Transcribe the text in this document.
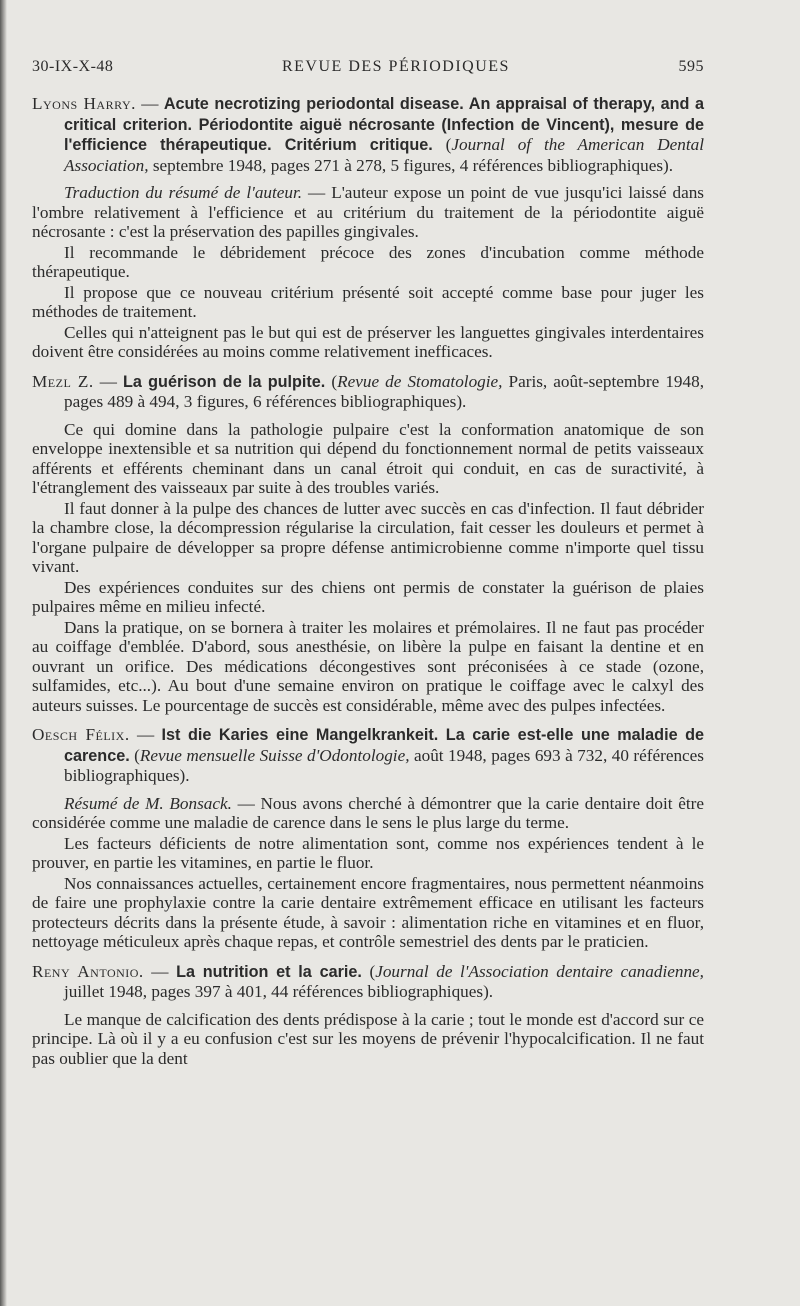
30-IX-X-48	REVUE DES PÉRIODIQUES	595

Lyons Harry. — Acute necrotizing periodontal disease. An appraisal of therapy, and a critical criterion. Périodontite aiguë nécrosante (Infection de Vincent), mesure de l'efficience thérapeutique. Critérium critique. (Journal of the American Dental Association, septembre 1948, pages 271 à 278, 5 figures, 4 références bibliographiques).

Traduction du résumé de l'auteur. — L'auteur expose un point de vue jusqu'ici laissé dans l'ombre relativement à l'efficience et au critérium du traitement de la périodontite aiguë nécrosante : c'est la préservation des papilles gingivales.

Il recommande le débridement précoce des zones d'incubation comme méthode thérapeutique.

Il propose que ce nouveau critérium présenté soit accepté comme base pour juger les méthodes de traitement.

Celles qui n'atteignent pas le but qui est de préserver les languettes gingivales interdentaires doivent être considérées au moins comme relativement inefficaces.

Mezl Z. — La guérison de la pulpite. (Revue de Stomatologie, Paris, août-septembre 1948, pages 489 à 494, 3 figures, 6 références bibliographiques).

Ce qui domine dans la pathologie pulpaire c'est la conformation anatomique de son enveloppe inextensible et sa nutrition qui dépend du fonctionnement normal de petits vaisseaux afférents et efférents cheminant dans un canal étroit qui conduit, en cas de suractivité, à l'étranglement des vaisseaux par suite à des troubles variés.

Il faut donner à la pulpe des chances de lutter avec succès en cas d'infection. Il faut débrider la chambre close, la décompression régularise la circulation, fait cesser les douleurs et permet à l'organe pulpaire de développer sa propre défense antimicrobienne comme n'importe quel tissu vivant.

Des expériences conduites sur des chiens ont permis de constater la guérison de plaies pulpaires même en milieu infecté.

Dans la pratique, on se bornera à traiter les molaires et prémolaires. Il ne faut pas procéder au coiffage d'emblée. D'abord, sous anesthésie, on libère la pulpe en faisant la dentine et en ouvrant un orifice. Des médications décongestives sont préconisées à ce stade (ozone, sulfamides, etc...). Au bout d'une semaine environ on pratique le coiffage avec le calxyl des auteurs suisses. Le pourcentage de succès est considérable, même avec des pulpes infectées.

Oesch Félix. — Ist die Karies eine Mangelkrankeit. La carie est-elle une maladie de carence. (Revue mensuelle Suisse d'Odontologie, août 1948, pages 693 à 732, 40 références bibliographiques).

Résumé de M. Bonsack. — Nous avons cherché à démontrer que la carie dentaire doit être considérée comme une maladie de carence dans le sens le plus large du terme.

Les facteurs déficients de notre alimentation sont, comme nos expériences tendent à le prouver, en partie les vitamines, en partie le fluor.

Nos connaissances actuelles, certainement encore fragmentaires, nous permettent néanmoins de faire une prophylaxie contre la carie dentaire extrêmement efficace en utilisant les facteurs protecteurs décrits dans la présente étude, à savoir : alimentation riche en vitamines et en fluor, nettoyage méticuleux après chaque repas, et contrôle semestriel des dents par le praticien.

Reny Antonio. — La nutrition et la carie. (Journal de l'Association dentaire canadienne, juillet 1948, pages 397 à 401, 44 références bibliographiques).

Le manque de calcification des dents prédispose à la carie ; tout le monde est d'accord sur ce principe. Là où il y a eu confusion c'est sur les moyens de prévenir l'hypocalcification. Il ne faut pas oublier que la dent
